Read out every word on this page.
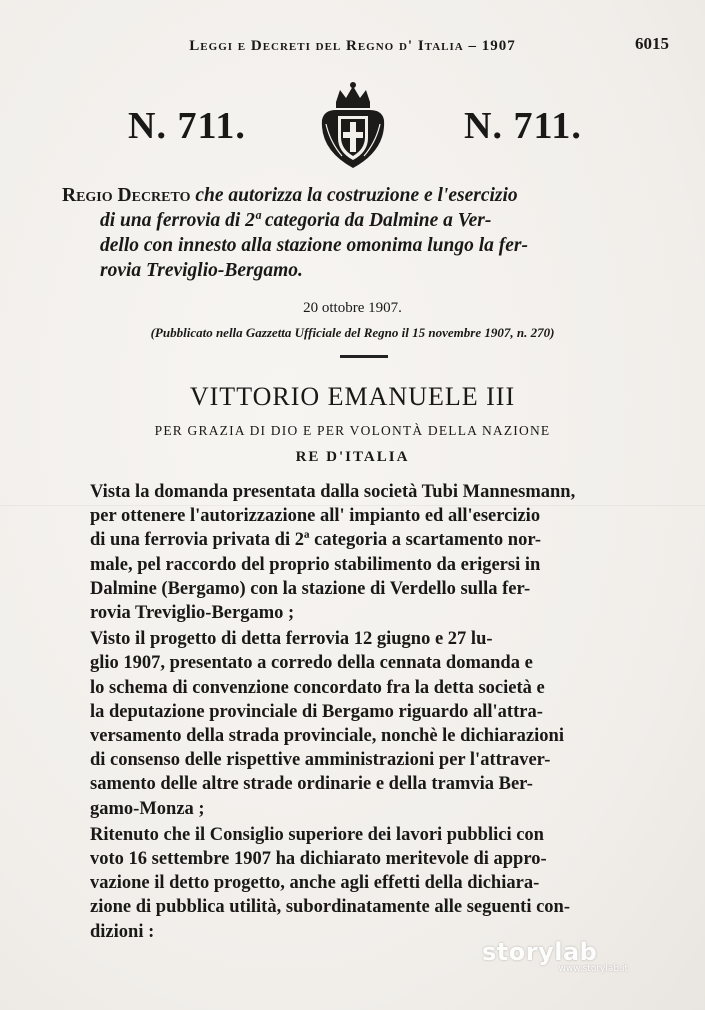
Leggi e Decreti del Regno d' Italia – 1907	6015
N. 711.	N. 711.
Regio Decreto che autorizza la costruzione e l'esercizio
di una ferrovia di 2ª categoria da Dalmine a Ver-
dello con innesto alla stazione omonima lungo la fer-
rovia Treviglio-Bergamo.
20 ottobre 1907.
(Pubblicato nella Gazzetta Ufficiale del Regno il 15 novembre 1907, n. 270)
VITTORIO EMANUELE III
PER GRAZIA DI DIO E PER VOLONTÀ DELLA NAZIONE
RE D'ITALIA

Vista la domanda presentata dalla società Tubi Mannesmann,
per ottenere l'autorizzazione all' impianto ed all'esercizio
di una ferrovia privata di 2ª categoria a scartamento nor-
male, pel raccordo del proprio stabilimento da erigersi in
Dalmine (Bergamo) con la stazione di Verdello sulla fer-
rovia Treviglio-Bergamo ;

Visto il progetto di detta ferrovia 12 giugno e 27 lu-
glio 1907, presentato a corredo della cennata domanda e
lo schema di convenzione concordato fra la detta società e
la deputazione provinciale di Bergamo riguardo all'attra-
versamento della strada provinciale, nonchè le dichiarazioni
di consenso delle rispettive amministrazioni per l'attraver-
samento delle altre strade ordinarie e della tramvia Ber-
gamo-Monza ;

Ritenuto che il Consiglio superiore dei lavori pubblici con
voto 16 settembre 1907 ha dichiarato meritevole di appro-
vazione il detto progetto, anche agli effetti della dichiara-
zione di pubblica utilità, subordinatamente alle seguenti con-
dizioni :

storylab
www.storylab.it
